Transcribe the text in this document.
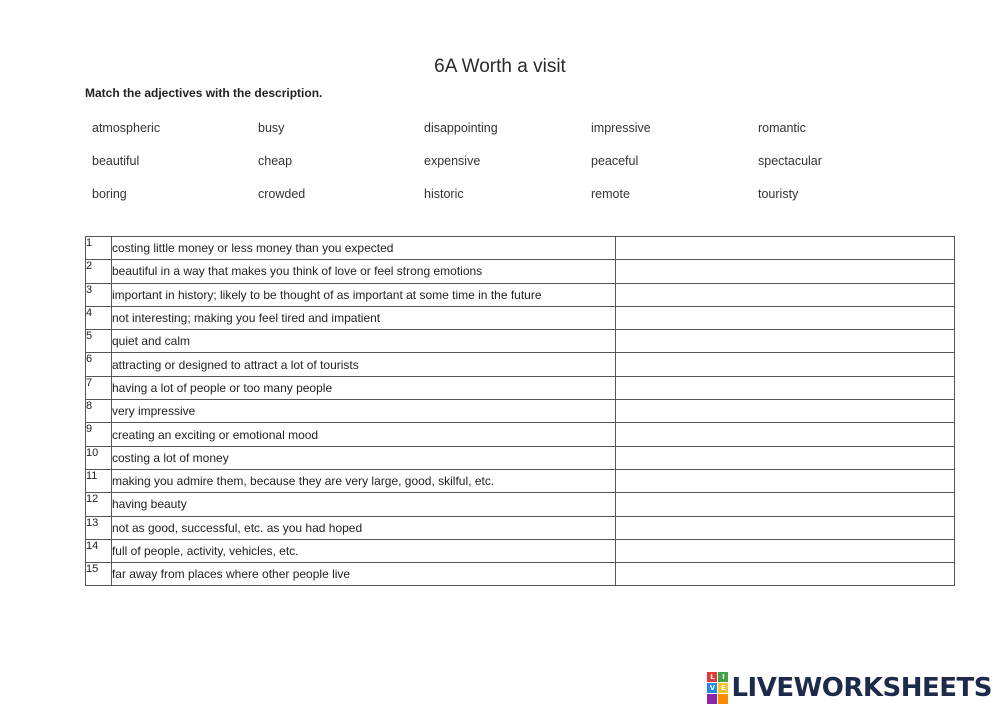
6A Worth a visit
Match the adjectives with the description.
atmospheric	busy	disappointing	impressive	romantic
beautiful	cheap	expensive	peaceful	spectacular
boring	crowded	historic	remote	touristy
1	costing little money or less money than you expected	
2	beautiful in a way that makes you think of love or feel strong emotions	
3	important in history; likely to be thought of as important at some time in the future	
4	not interesting; making you feel tired and impatient	
5	quiet and calm	
6	attracting or designed to attract a lot of tourists	
7	having a lot of people or too many people	
8	very impressive	
9	creating an exciting or emotional mood	
10	costing a lot of money	
11	making you admire them, because they are very large, good, skilful, etc.	
12	having beauty	
13	not as good, successful, etc. as you had hoped	
14	full of people, activity, vehicles, etc.	
15	far away from places where other people live	
L	I
V E LIVEWORKSHEETS
